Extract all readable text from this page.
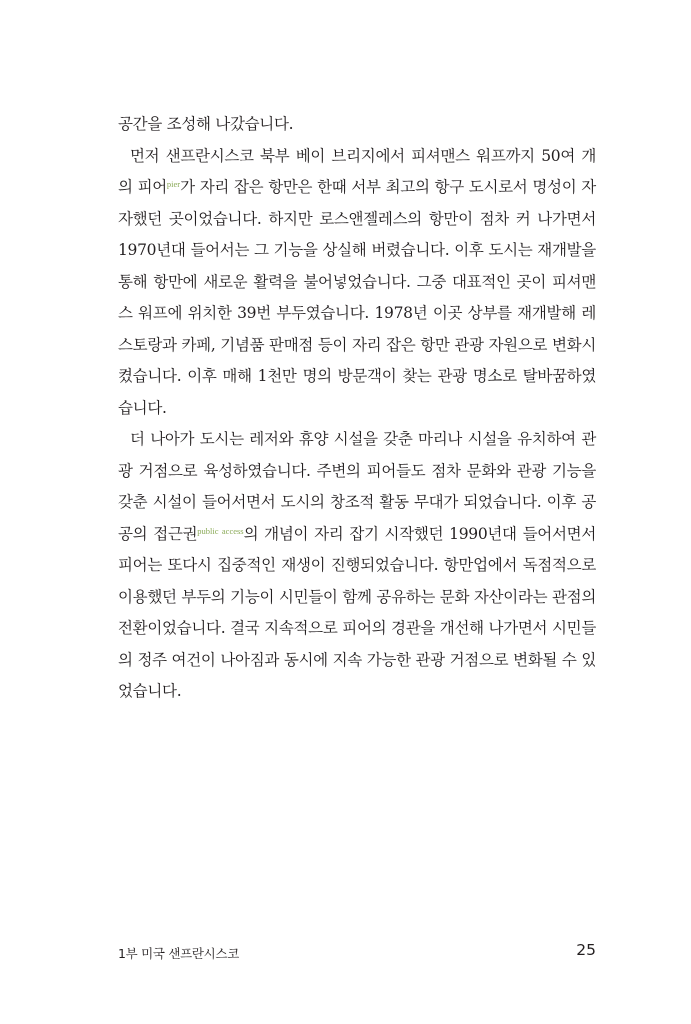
공간을 조성해 나갔습니다.

먼저 샌프란시스코 북부 베이 브리지에서 피셔맨스 워프까지 50여 개의 피어$^{pier}$가 자리 잡은 항만은 한때 서부 최고의 항구 도시로서 명성이 자자했던 곳이었습니다. 하지만 로스앤젤레스의 항만이 점차 커 나가면서 1970년대 들어서는 그 기능을 상실해 버렸습니다. 이후 도시는 재개발을 통해 항만에 새로운 활력을 불어넣었습니다. 그중 대표적인 곳이 피셔맨스 워프에 위치한 39번 부두였습니다. 1978년 이곳 상부를 재개발해 레스토랑과 카페, 기념품 판매점 등이 자리 잡은 항만 관광 자원으로 변화시켰습니다. 이후 매해 1천만 명의 방문객이 찾는 관광 명소로 탈바꿈하였습니다.

더 나아가 도시는 레저와 휴양 시설을 갖춘 마리나 시설을 유치하여 관광 거점으로 육성하였습니다. 주변의 피어들도 점차 문화와 관광 기능을 갖춘 시설이 들어서면서 도시의 창조적 활동 무대가 되었습니다. 이후 공공의 접근권$^{public access}$의 개념이 자리 잡기 시작했던 1990년대 들어서면서 피어는 또다시 집중적인 재생이 진행되었습니다. 항만업에서 독점적으로 이용했던 부두의 기능이 시민들이 함께 공유하는 문화 자산이라는 관점의 전환이었습니다. 결국 지속적으로 피어의 경관을 개선해 나가면서 시민들의 정주 여건이 나아짐과 동시에 지속 가능한 관광 거점으로 변화될 수 있었습니다.

1부 미국 샌프란시스코	25
